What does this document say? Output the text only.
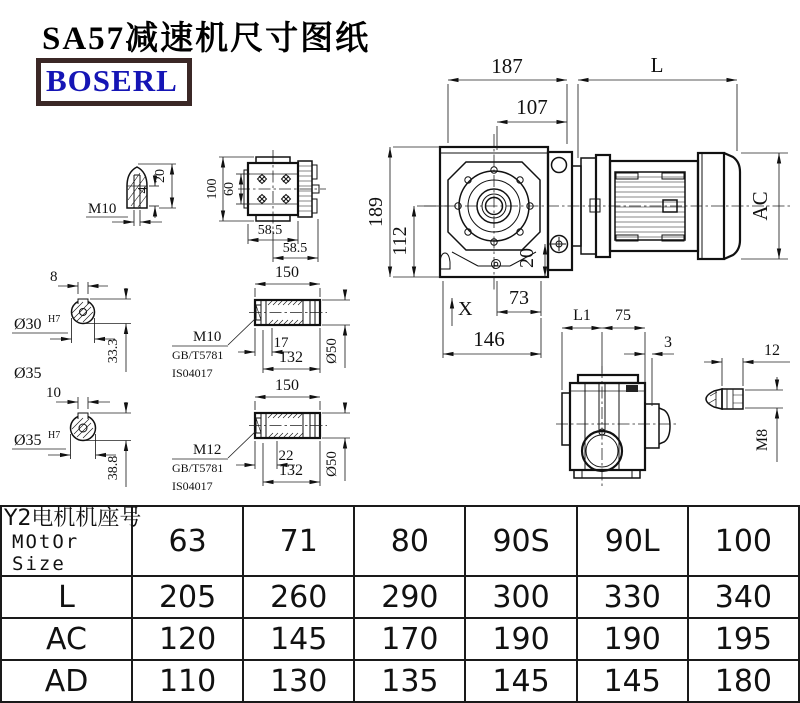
SA57减速机尺寸图纸
BOSERL	187	L
107
189
112
20
X 73
146
AC
M10
4
20
100 60
58.5
58.5
8
Ø30 H7
33.3
Ø35
10
Ø35 H7
38.8
150
M10
GB/T5781
IS04017
17
132 Ø50
150
M12
GB/T5781
IS04017
22
132 Ø50
L1 75
3	12
M8
Y2电机机座号
MOtOr Size	63	71	80	90S	90L	100
L	205	260	290	300	330	340
AC	120	145	170	190	190	195
AD	110	130	135	145	145	180
